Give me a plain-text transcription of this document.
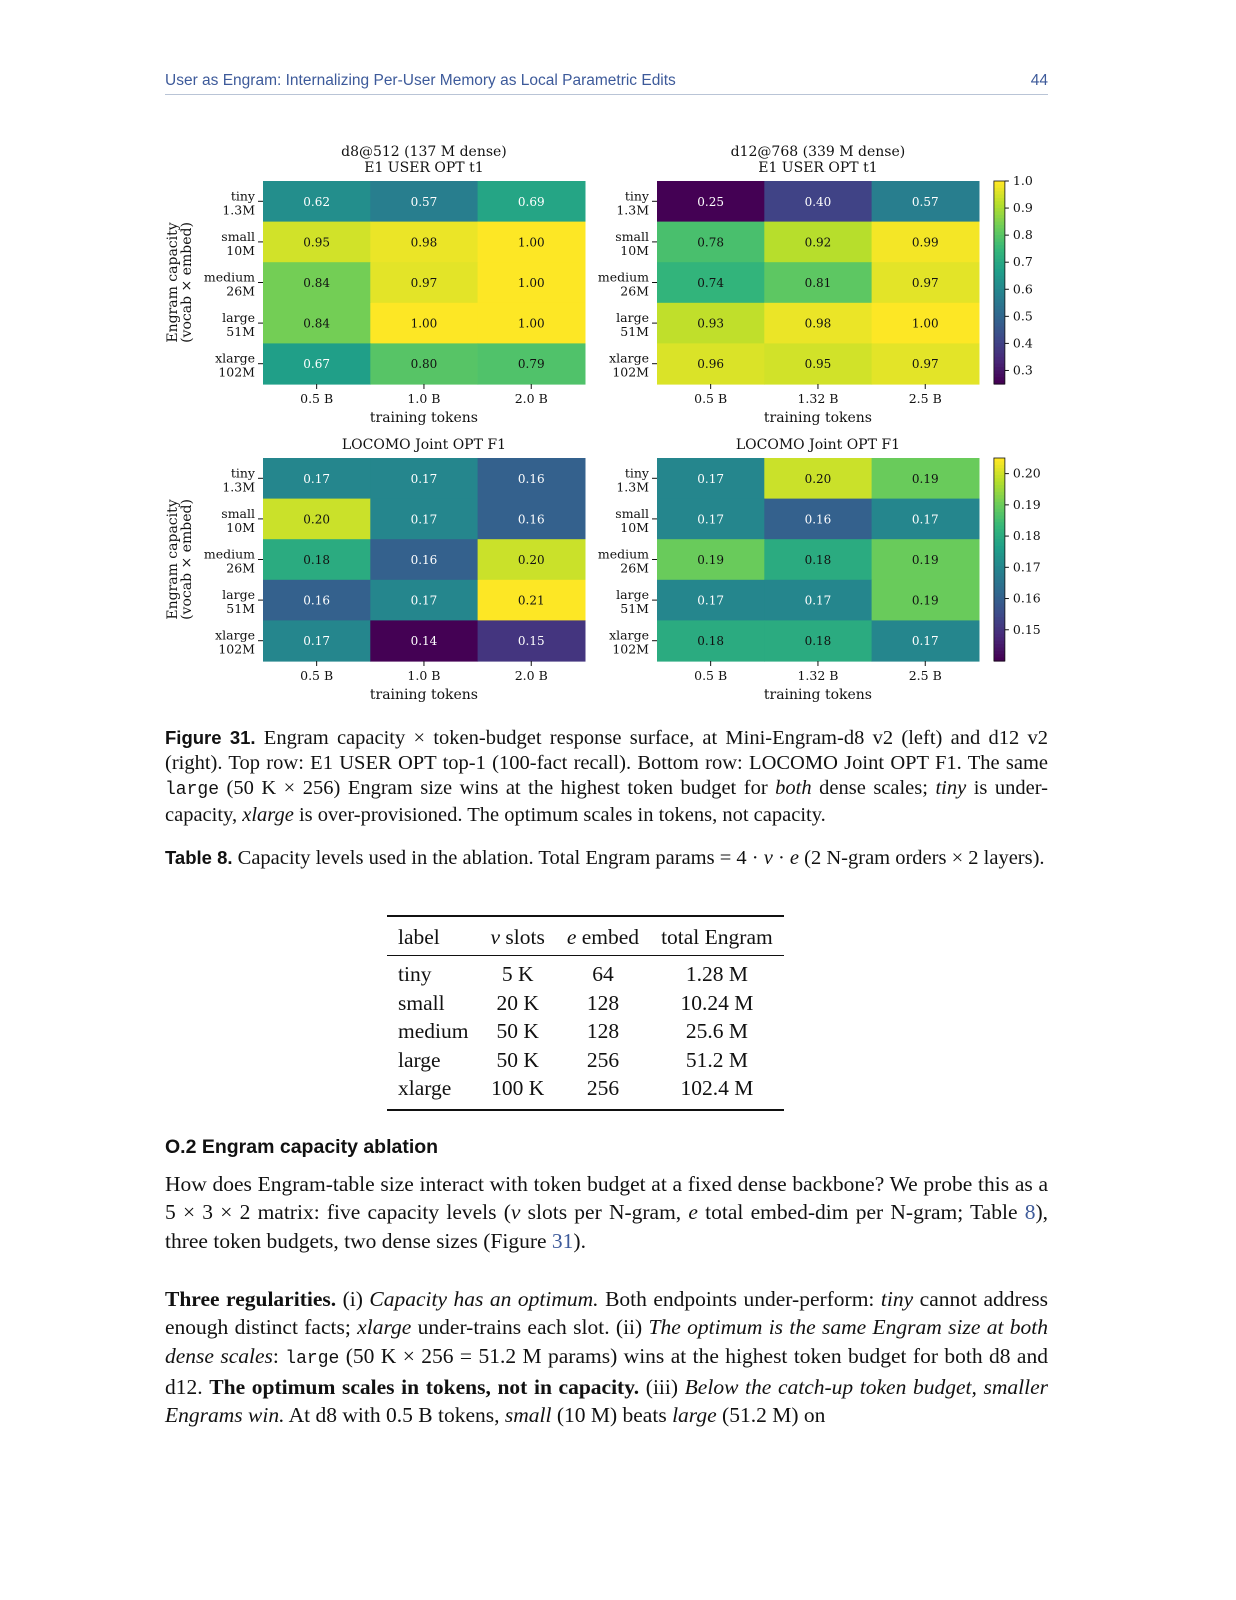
User as Engram: Internalizing Per-User Memory as Local Parametric Edits	44
d8@512 (137 M dense)
E1 USER OPT t1
0.62	0.57	0.69
0.95	0.98	1.00
0.84	0.97	1.00
0.84	1.00	1.00
0.67	0.80	0.79
tiny
1.3M
small
10M
medium
26M
large
51M
xlarge
102M
0.5 B	1.0 B	2.0 B
training tokens
Engram capacity
(vocab × embed)
d12@768 (339 M dense)
E1 USER OPT t1
0.25	0.40	0.57
0.78	0.92	0.99
0.74	0.81	0.97
0.93	0.98	1.00
0.96	0.95	0.97
tiny
1.3M
small
10M
medium
26M
large
51M
xlarge
102M
0.5 B	1.32 B	2.5 B
training tokens
1.0
0.9
0.8
0.7
0.6
0.5
0.4
0.3
LOCOMO Joint OPT F1
0.17	0.17	0.16
0.20	0.17	0.16
0.18	0.16	0.20
0.16	0.17	0.21
0.17	0.14	0.15
tiny
1.3M
small
10M
medium
26M
large
51M
xlarge
102M
0.5 B	1.0 B	2.0 B
training tokens
Engram capacity
(vocab × embed)
LOCOMO Joint OPT F1
0.17	0.20	0.19
0.17	0.16	0.17
0.19	0.18	0.19
0.17	0.17	0.19
0.18	0.18	0.17
tiny
1.3M
small
10M
medium
26M
large
51M
xlarge
102M
0.5 B	1.32 B	2.5 B
training tokens
0.20
0.19
0.18
0.17
0.16
0.15
Figure 31. Engram capacity × token-budget response surface, at Mini-Engram-d8 v2 (left) and d12 v2 (right). Top row: E1 USER OPT top-1 (100-fact recall). Bottom row: LOCOMO Joint OPT F1. The same large (50 K × 256) Engram size wins at the highest token budget for both dense scales; tiny is under-capacity, xlarge is over-provisioned. The optimum scales in tokens, not capacity.
Table 8. Capacity levels used in the ablation. Total Engram params = 4 · v · e (2 N-gram orders × 2 layers).
label	v slots	e embed	total Engram
tiny	5 K	64	1.28 M
small	20 K	128	10.24 M
medium	50 K	128	25.6 M
large	50 K	256	51.2 M
xlarge	100 K	256	102.4 M
O.2 Engram capacity ablation
How does Engram-table size interact with token budget at a fixed dense backbone? We probe this as a 5 × 3 × 2 matrix: five capacity levels (v slots per N-gram, e total embed-dim per N-gram; Table 8), three token budgets, two dense sizes (Figure 31).
Three regularities. (i) Capacity has an optimum. Both endpoints under-perform: tiny cannot address enough distinct facts; xlarge under-trains each slot. (ii) The optimum is the same Engram size at both dense scales: large (50 K × 256 = 51.2 M params) wins at the highest token budget for both d8 and d12. The optimum scales in tokens, not in capacity. (iii) Below the catch-up token budget, smaller Engrams win. At d8 with 0.5 B tokens, small (10 M) beats large (51.2 M) on
